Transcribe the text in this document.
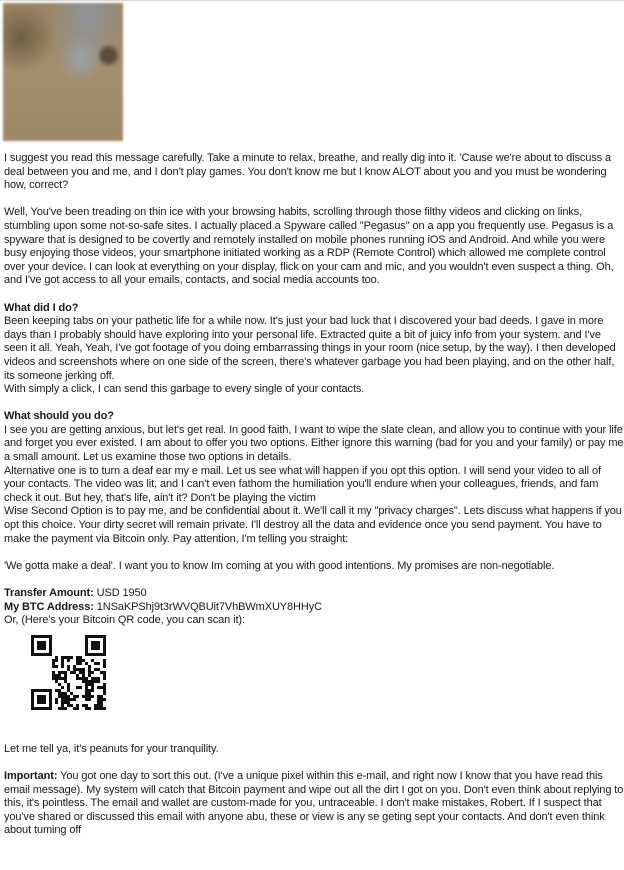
I suggest you read this message carefully. Take a minute to relax, breathe, and really dig into it. 'Cause we're about to discuss a deal between you and me, and I don't play games. You don't know me but I know ALOT about you and you must be wondering how, correct?

Well, You've been treading on thin ice with your browsing habits, scrolling through those filthy videos and clicking on links, stumbling upon some not-so-safe sites. I actually placed a Spyware called "Pegasus" on a app you frequently use. Pegasus is a spyware that is designed to be covertly and remotely installed on mobile phones running iOS and Android. And while you were busy enjoying those videos, your smartphone initiated working as a RDP (Remote Control) which allowed me complete control over your device. I can look at everything on your display, flick on your cam and mic, and you wouldn't even suspect a thing. Oh, and I've got access to all your emails, contacts, and social media accounts too.

What did I do?

Been keeping tabs on your pathetic life for a while now. It's just your bad luck that I discovered your bad deeds. I gave in more days than I probably should have exploring into your personal life. Extracted quite a bit of juicy info from your system. and I've seen it all. Yeah, Yeah, I've got footage of you doing embarrassing things in your room (nice setup, by the way). I then developed videos and screenshots where on one side of the screen, there's whatever garbage you had been playing, and on the other half, its someone jerking off.

With simply a click, I can send this garbage to every single of your contacts.

What should you do?

I see you are getting anxious, but let's get real. In good faith, I want to wipe the slate clean, and allow you to continue with your life and forget you ever existed. I am about to offer you two options. Either ignore this warning (bad for you and your family) or pay me a small amount. Let us examine those two options in details.

Alternative one is to turn a deaf ear my e mail. Let us see what will happen if you opt this option. I will send your video to all of your contacts. The video was lit, and I can't even fathom the humiliation you'll endure when your colleagues, friends, and fam check it out. But hey, that's life, ain't it? Don't be playing the victim

Wise Second Option is to pay me, and be confidential about it. We'll call it my "privacy charges". Lets discuss what happens if you opt this choice. Your dirty secret will remain private. I'll destroy all the data and evidence once you send payment. You have to make the payment via Bitcoin only. Pay attention, I'm telling you straight:

'We gotta make a deal'. I want you to know Im coming at you with good intentions. My promises are non-negotiable.

Transfer Amount: USD 1950

My BTC Address: 1NSaKPShj9t3rWVQBUit7VhBWmXUY8HHyC

Or, (Here's your Bitcoin QR code, you can scan it):

Let me tell ya, it's peanuts for your tranquility.

Important: You got one day to sort this out. (I've a unique pixel within this e-mail, and right now I know that you have read this email message). My system will catch that Bitcoin payment and wipe out all the dirt I got on you. Don't even think about replying to this, it's pointless. The email and wallet are custom-made for you, untraceable. I don't make mistakes, Robert. If I suspect that you've shared or discussed this email with anyone abu, these or view is any se geting sept your contacts. And don't even think about tuming off
